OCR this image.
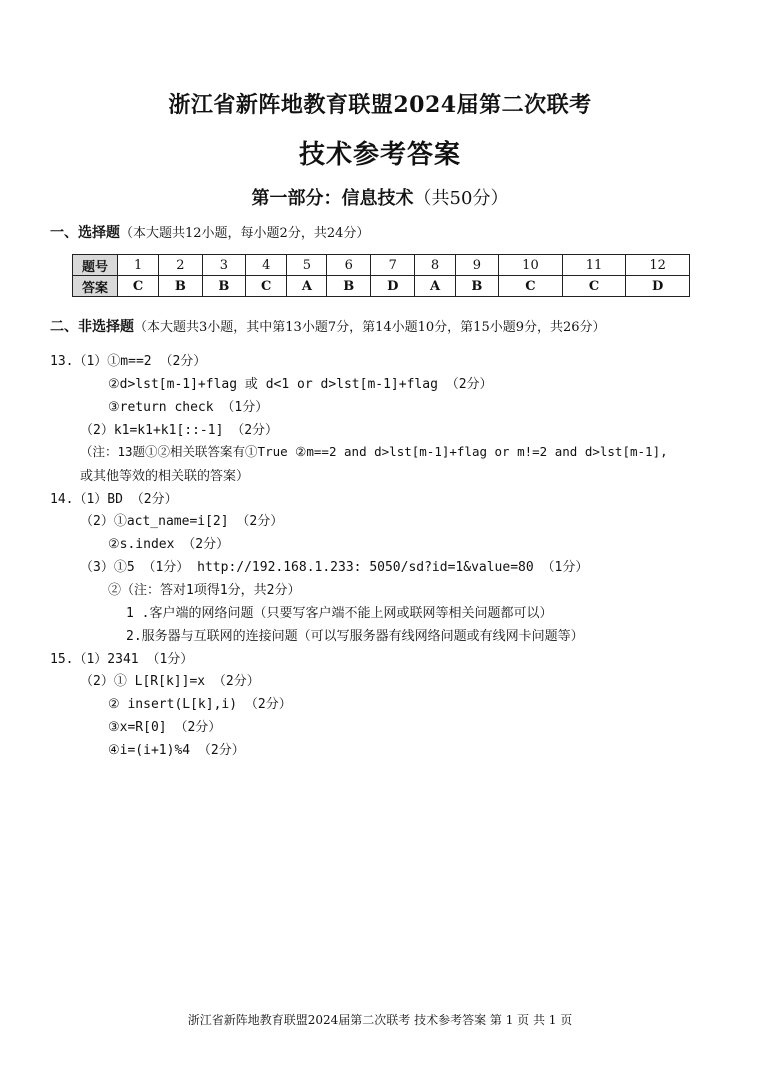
浙江省新阵地教育联盟2024届第二次联考
技术参考答案
第一部分：信息技术（共50分）
一、选择题（本大题共12小题，每小题2分，共24分）
题号	1	2	3	4	5	6	7	8	9	10	11	12
答案	C	B	B	C	A	B	D	A	B	C	C	D
二、非选择题（本大题共3小题，其中第13小题7分，第14小题10分，第15小题9分，共26分）
13.（1）①m==2 （2分）
②d>lst[m-1]+flag 或 d<1 or d>lst[m-1]+flag （2分）
③return check （1分）
（2）k1=k1+k1[::-1] （2分）
（注：13题①②相关联答案有①True ②m==2 and d>lst[m-1]+flag or m!=2 and d>lst[m-1],
或其他等效的相关联的答案）
14.（1）BD （2分）
（2）①act_name=i[2] （2分）
②s.index （2分）
（3）①5 （1分） http://192.168.1.233: 5050/sd?id=1&value=80 （1分）
②（注：答对1项得1分，共2分）
1 .客户端的网络问题（只要写客户端不能上网或联网等相关问题都可以）
2.服务器与互联网的连接问题（可以写服务器有线网络问题或有线网卡问题等）
15.（1）2341 （1分）
（2）① L[R[k]]=x （2分）
② insert(L[k],i) （2分）
③x=R[0] （2分）
④i=(i+1)%4 （2分）
浙江省新阵地教育联盟2024届第二次联考 技术参考答案 第 1 页 共 1 页
